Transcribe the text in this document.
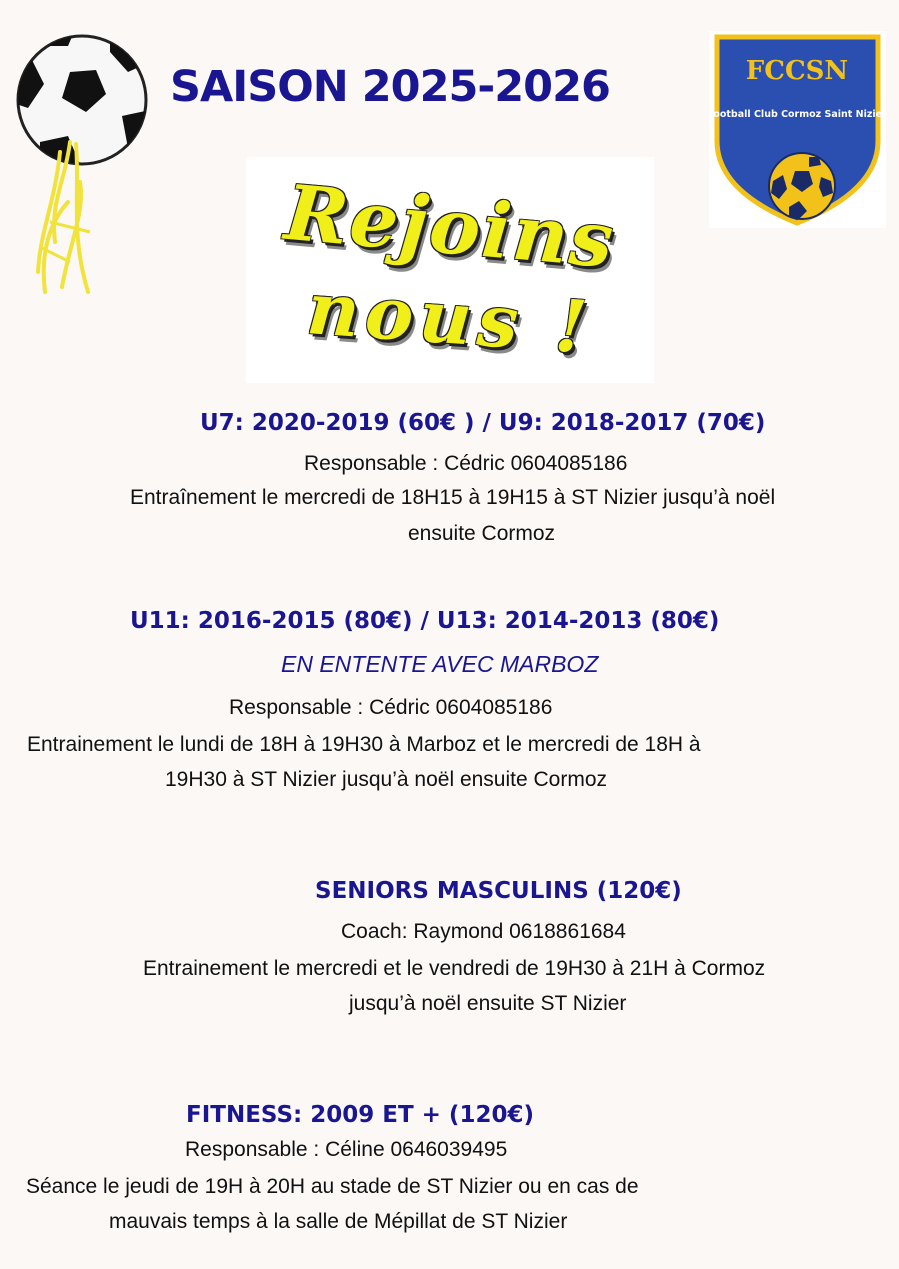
SAISON 2025-2026	FCCSN
Football Club Cormoz Saint Nizier
Rejoins
nous !
U7: 2020-2019 (60€ ) / U9: 2018-2017 (70€)
Responsable : Cédric 0604085186
Entraînement le mercredi de 18H15 à 19H15 à ST Nizier jusqu’à noël
ensuite Cormoz
U11: 2016-2015 (80€) / U13: 2014-2013 (80€)
EN ENTENTE AVEC MARBOZ
Responsable : Cédric 0604085186
Entrainement le lundi de 18H à 19H30 à Marboz et le mercredi de 18H à
19H30 à ST Nizier jusqu’à noël ensuite Cormoz
SENIORS MASCULINS (120€)
Coach: Raymond 0618861684
Entrainement le mercredi et le vendredi de 19H30 à 21H à Cormoz
jusqu’à noël ensuite ST Nizier
FITNESS: 2009 ET + (120€)
Responsable : Céline 0646039495
Séance le jeudi de 19H à 20H au stade de ST Nizier ou en cas de
mauvais temps à la salle de Mépillat de ST Nizier
